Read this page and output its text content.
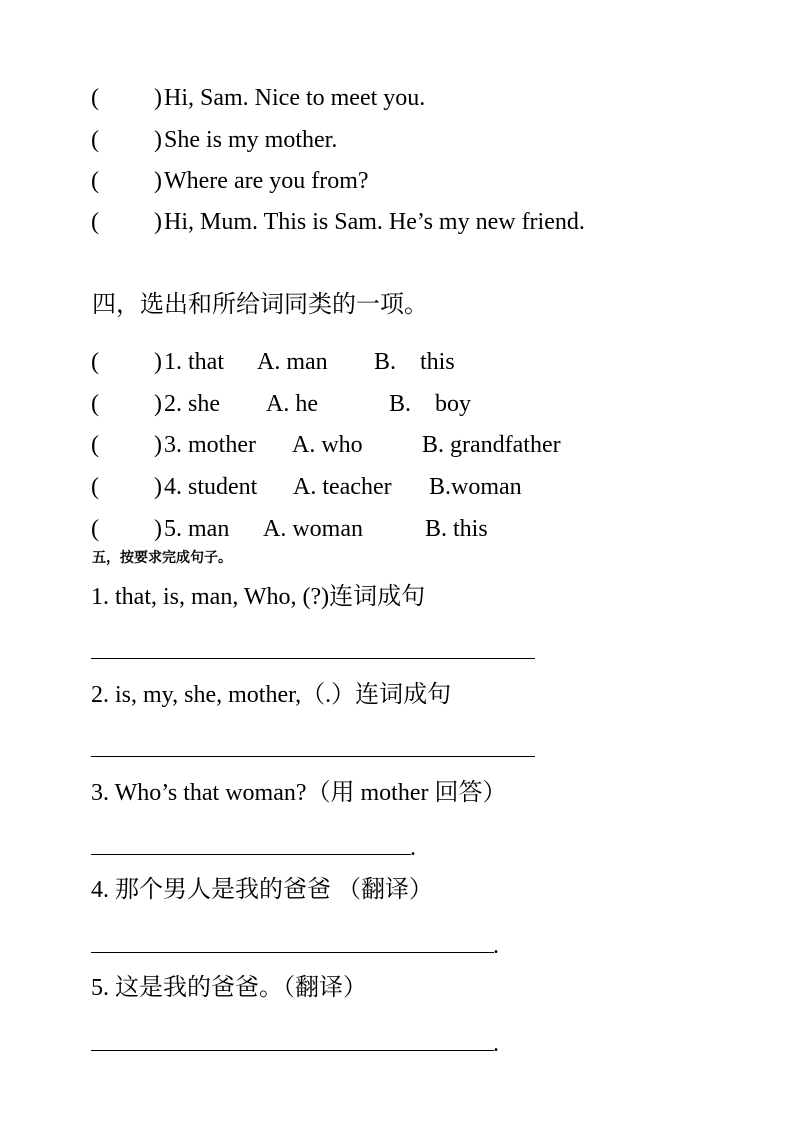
( ) Hi, Sam. Nice to meet you.
( ) She is my mother.
( ) Where are you from?
( ) Hi, Mum. This is Sam. He’s my new friend.
四，选出和所给词同类的一项。
( ) 1. that A. man B.    this
( ) 2. she A. he	B.    boy
( ) 3. mother A. who B. grandfather
( ) 4. student A. teacher B.woman
( ) 5. man A. woman	B. this
五，按要求完成句子。
1. that, is, man, Who, (?)连词成句
2. is, my, she, mother,（.）连词成句
3. Who’s that woman?（用 mother 回答）
.
4. 那个男人是我的爸爸 （翻译）
.
5. 这是我的爸爸。（翻译）
.
